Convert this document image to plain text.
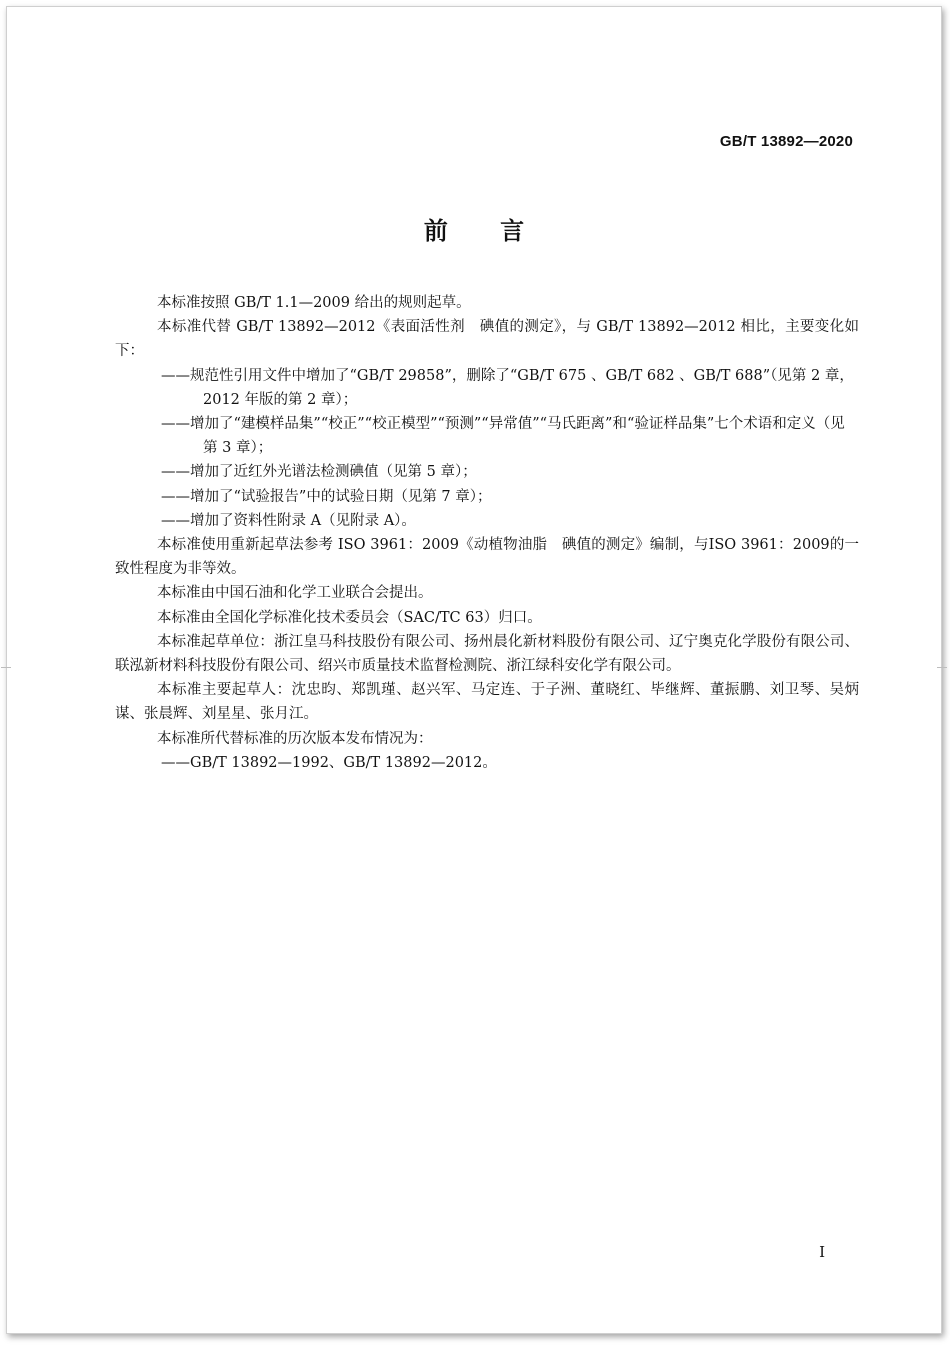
GB/T 13892—2020
前 言

本标准按照 GB/T 1.1—2009 给出的规则起草。

本标准代替 GB/T 13892—2012《表面活性剂　碘值的测定》，与 GB/T 13892—2012 相比，主要变化如下：

——规范性引用文件中增加了“GB/T 29858”，删除了“GB/T 675 、GB/T 682 、GB/T 688”（见第 2 章，2012 年版的第 2 章）；

——增加了“建模样品集”“校正”“校正模型”“预测”“异常值”“马氏距离”和“验证样品集”七个术语和定义（见第 3 章）；

——增加了近红外光谱法检测碘值（见第 5 章）；

——增加了“试验报告”中的试验日期（见第 7 章）；

——增加了资料性附录 A（见附录 A）。

本标准使用重新起草法参考 ISO 3961：2009《动植物油脂　碘值的测定》编制，与ISO 3961：2009的一致性程度为非等效。

本标准由中国石油和化学工业联合会提出。

本标准由全国化学标准化技术委员会（SAC/TC 63）归口。

本标准起草单位：浙江皇马科技股份有限公司、扬州晨化新材料股份有限公司、辽宁奥克化学股份有限公司、联泓新材料科技股份有限公司、绍兴市质量技术监督检测院、浙江绿科安化学有限公司。

本标准主要起草人：沈忠昀、郑凯瑾、赵兴军、马定连、于子洲、董晓红、毕继辉、董振鹏、刘卫琴、吴炳谋、张晨辉、刘星星、张月江。

本标准所代替标准的历次版本发布情况为：

——GB/T 13892—1992、GB/T 13892—2012。

I
